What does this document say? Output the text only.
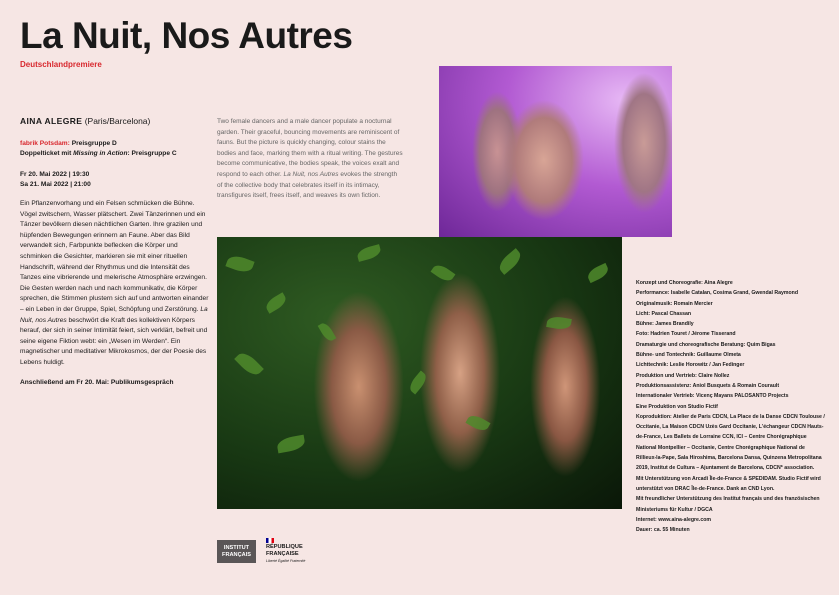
La Nuit, Nos Autres
Deutschlandpremiere

AINA ALEGRE (Paris/Barcelona)

fabrik Potsdam: Preisgruppe D

Doppelticket mit Missing in Action: Preisgruppe C

Fr 20. Mai 2022 | 19:30
Sa 21. Mai 2022 | 21:00

Ein Pflanzenvorhang und ein Felsen schmücken die Bühne. Vögel zwitschern, Wasser plätschert. Zwei Tänzerinnen und ein Tänzer bevölkern diesen nächtlichen Garten. Ihre grazilen und hüpfenden Bewegungen erinnern an Faune. Aber das Bild verwandelt sich, Farbpunkte beflecken die Körper und schminken die Gesichter, markieren sie mit einer rituellen Handschrift, während der Rhythmus und die Intensität des Tanzes eine vibrierende und melerische Atmosphäre erzwingen. Die Gesten werden nach und nach kommunikativ, die Körper sprechen, die Stimmen plustern sich auf und antworten einander – ein Leben in der Gruppe, Spiel, Schöpfung und Zerstörung. La Nuit, nos Autres beschwört die Kraft des kollektiven Körpers herauf, der sich in seiner Intimität feiert, sich verklärt, befreit und seine eigene Fiktion webt: ein „Wesen im Werden“. Ein magnetischer und meditativer Mikrokosmos, der der Poesie des Lebens huldigt.

Anschließend am Fr 20. Mai: Publikumsgespräch

Two female dancers and a male dancer populate a nocturnal garden. Their graceful, bouncing movements are reminiscent of fauns. But the picture is quickly changing, colour stains the bodies and face, marking them with a ritual writing. The gestures become communicative, the bodies speak, the voices exalt and respond to each other. La Nuit, nos Autres evokes the strength of the collective body that celebrates itself in its intimacy, transfigures itself, frees itself, and weaves its own fiction.

Konzept und Choreografie: Aina Alegre

Performance: Isabelle Catalan, Cosima Grand, Gwendal Raymond

Originalmusik: Romain Mercier

Licht: Pascal Chassan

Bühne: James Brandily

Foto: Hadrien Touret / Jérome Tisserand

Dramaturgie und choreografische Beratung: Quim Bigas

Bühne- und Tontechnik: Guillaume Olmeta

Lichttechnik: Leslie Horowitz / Jan Fedinger

Produktion und Vertrieb: Claire Nollez

Produktionsassistenz: Aniol Busquets & Romain Courault

Internationaler Vertrieb: Vicenç Mayans PALOSANTO Projects

Eine Produktion von Studio Fictif

Koproduktion: Atelier de Paris CDCN, La Place de la Danse CDCN Toulouse / Occitanie, La Maison CDCN Uzès Gard Occitanie, L'échangeur CDCN Hauts-de-France, Les Ballets de Lorraine CCN, ICI – Centre Chorégraphique National Montpellier – Occitanie, Centre Chorégraphique National de Rillieux-la-Pape, Sala Hiroshima, Barcelona Dansa, Quinzena Metropolitana 2019, Institut de Cultura – Ajuntament de Barcelona, CDCN* association.

Mit Unterstützung von Arcadi Île-de-France & SPEDIDAM. Studio Fictif wird unterstützt von DRAC Île-de-France. Dank an CND Lyon.

Mit freundlicher Unterstützung des Institut français und des französischen Ministeriums für Kultur / DGCA

Internet: www.aina-alegre.com

Dauer: ca. 55 Minuten

INSTITUT FRANÇAIS
RÉPUBLIQUE
FRANÇAISE
Liberté Égalité Fraternité
